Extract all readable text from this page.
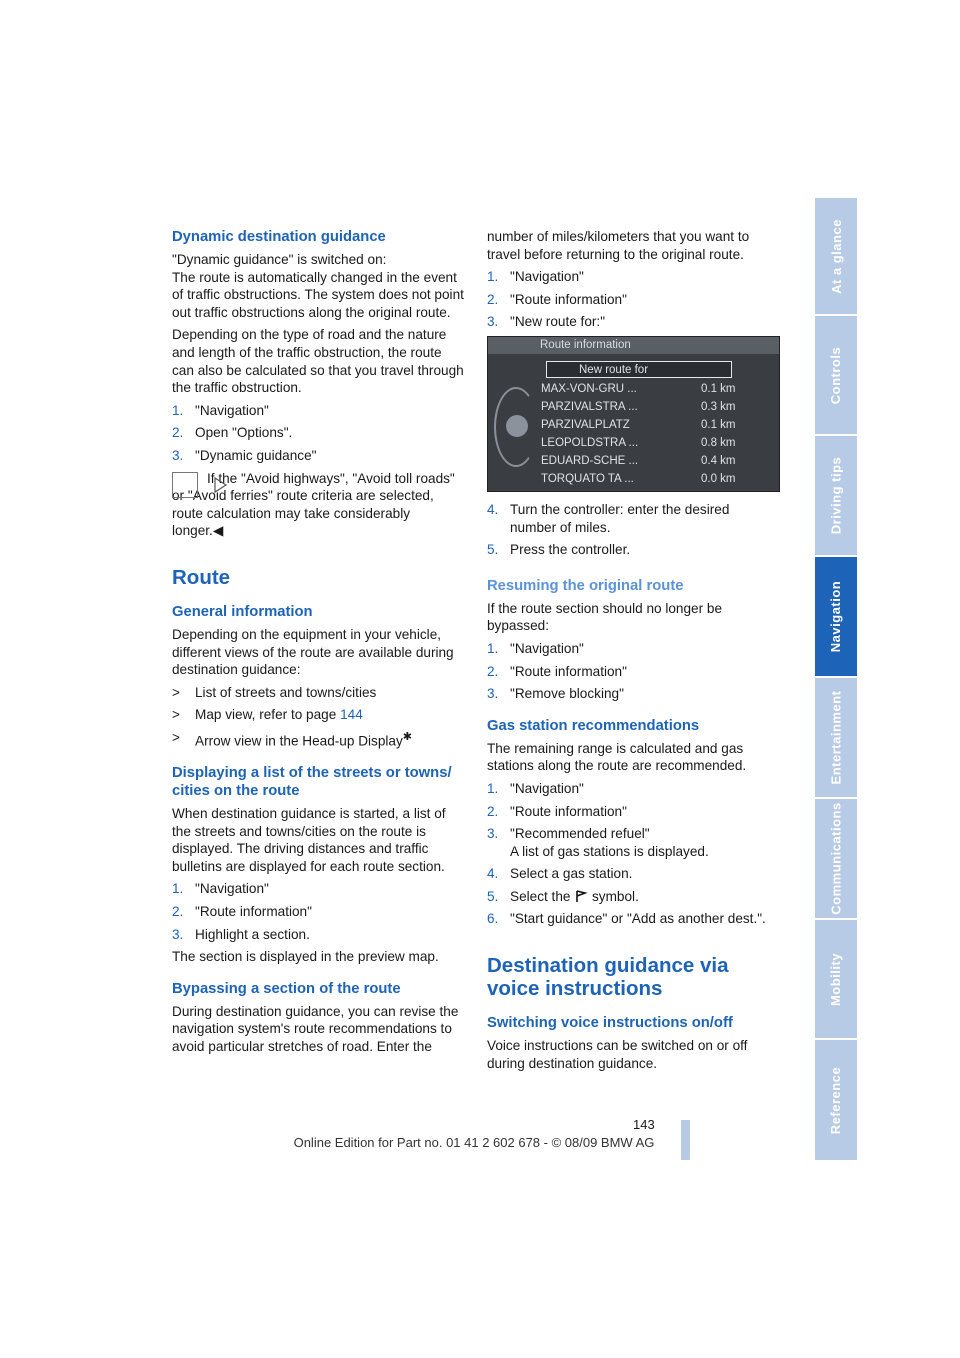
Dynamic destination guidance

"Dynamic guidance" is switched on:
The route is automatically changed in the event of traffic obstructions. The system does not point out traffic obstructions along the original route.

Depending on the type of road and the nature and length of the traffic obstruction, the route can also be calculated so that you travel through the traffic obstruction.

1. "Navigation"
2. Open "Options".
3. "Dynamic guidance"
If the "Avoid highways", "Avoid toll roads" or "Avoid ferries" route criteria are selected, route calculation may take considerably longer.◀
Route
General information

Depending on the equipment in your vehicle, different views of the route are available during destination guidance:

>	List of streets and towns/cities
>	Map view, refer to page 144
>	Arrow view in the Head-up Display✱
Displaying a list of the streets or towns/ cities on the route

When destination guidance is started, a list of the streets and towns/cities on the route is displayed. The driving distances and traffic bulletins are displayed for each route section.

1. "Navigation"
2. "Route information"
3. Highlight a section.

The section is displayed in the preview map.

Bypassing a section of the route

During destination guidance, you can revise the navigation system's route recommendations to avoid particular stretches of road. Enter the

number of miles/kilometers that you want to travel before returning to the original route.

1. "Navigation"
2. "Route information"
3. "New route for:"
Route information
New route for
MAX-VON-GRU ...	0.1 km
PARZIVALSTRA ...	0.3 km
PARZIVALPLATZ	0.1 km
LEOPOLDSTRA ...	0.8 km
EDUARD-SCHE ...	0.4 km
TORQUATO TA ...	0.0 km
4. Turn the controller: enter the desired number of miles.
5. Press the controller.
Resuming the original route

If the route section should no longer be bypassed:

1. "Navigation"
2. "Route information"
3. "Remove blocking"
Gas station recommendations

The remaining range is calculated and gas stations along the route are recommended.

1. "Navigation"
2. "Route information"
3. "Recommended refuel"
A list of gas stations is displayed.
4. Select a gas station.
5. Select the  symbol.
6. "Start guidance" or "Add as another dest.".
Destination guidance via voice instructions
Switching voice instructions on/off

Voice instructions can be switched on or off during destination guidance.

At a glance
Controls
Driving tips
Navigation
Entertainment
Communications
Mobility
Reference
143
Online Edition for Part no. 01 41 2 602 678 - © 08/09 BMW AG
